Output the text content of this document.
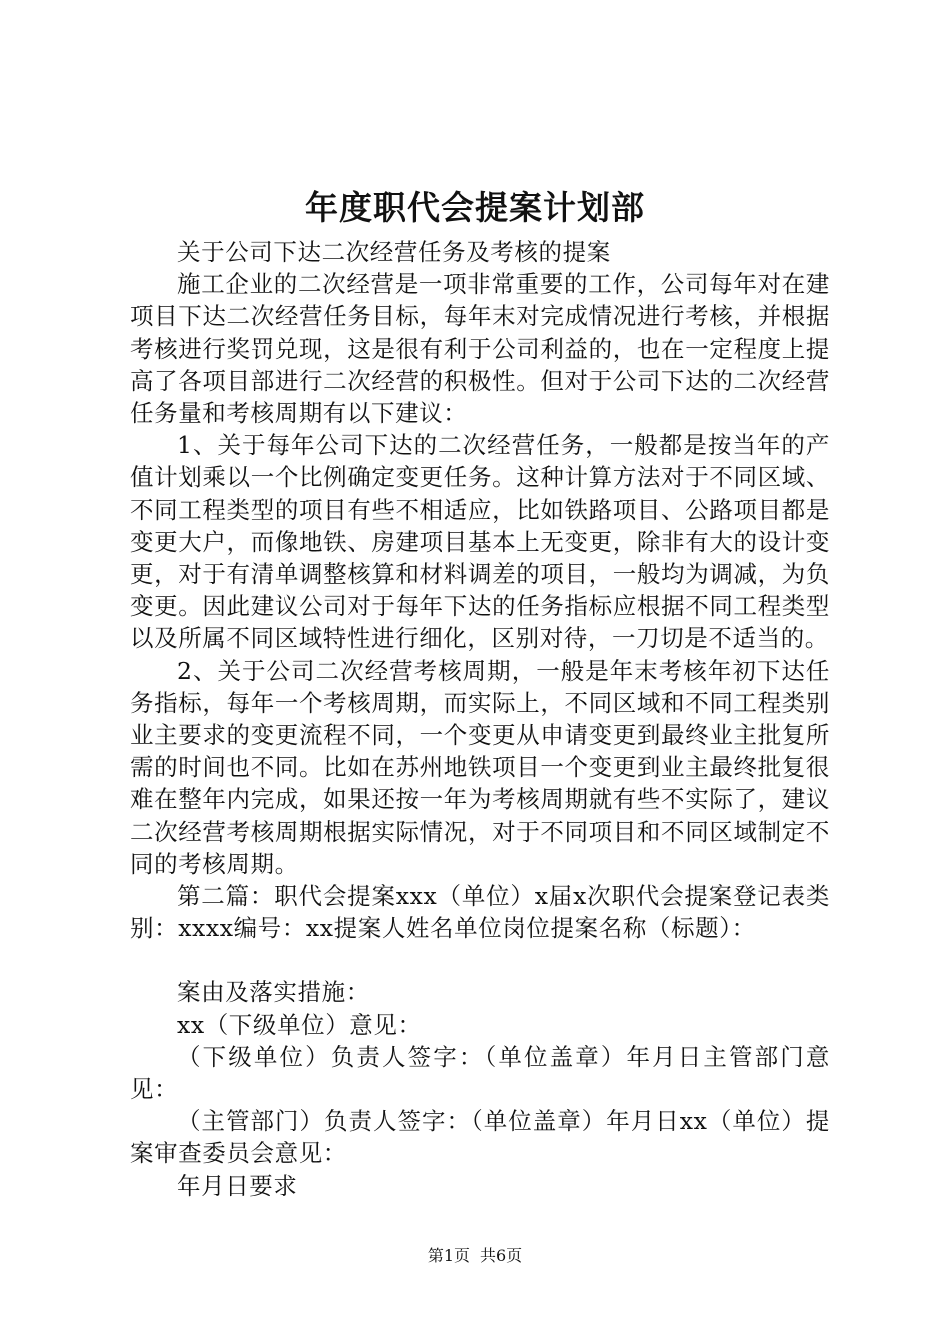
年度职代会提案计划部

关于公司下达二次经营任务及考核的提案

施工企业的二次经营是一项非常重要的工作，公司每年对在建项目下达二次经营任务目标，每年末对完成情况进行考核，并根据考核进行奖罚兑现，这是很有利于公司利益的，也在一定程度上提高了各项目部进行二次经营的积极性。但对于公司下达的二次经营任务量和考核周期有以下建议：

1、关于每年公司下达的二次经营任务，一般都是按当年的产值计划乘以一个比例确定变更任务。这种计算方法对于不同区域、不同工程类型的项目有些不相适应，比如铁路项目、公路项目都是变更大户，而像地铁、房建项目基本上无变更，除非有大的设计变更，对于有清单调整核算和材料调差的项目，一般均为调减，为负变更。因此建议公司对于每年下达的任务指标应根据不同工程类型以及所属不同区域特性进行细化，区别对待，一刀切是不适当的。

2、关于公司二次经营考核周期，一般是年末考核年初下达任务指标，每年一个考核周期，而实际上，不同区域和不同工程类别业主要求的变更流程不同，一个变更从申请变更到最终业主批复所需的时间也不同。比如在苏州地铁项目一个变更到业主最终批复很难在整年内完成，如果还按一年为考核周期就有些不实际了，建议二次经营考核周期根据实际情况，对于不同项目和不同区域制定不同的考核周期。

第二篇：职代会提案xxx（单位）x届x次职代会提案登记表类别：xxxx编号：xx提案人姓名单位岗位提案名称（标题）：

案由及落实措施：

xx（下级单位）意见：

（下级单位）负责人签字：（单位盖章）年月日主管部门意见：

（主管部门）负责人签字：（单位盖章）年月日xx（单位）提案审查委员会意见：

年月日要求

第1页 共6页
